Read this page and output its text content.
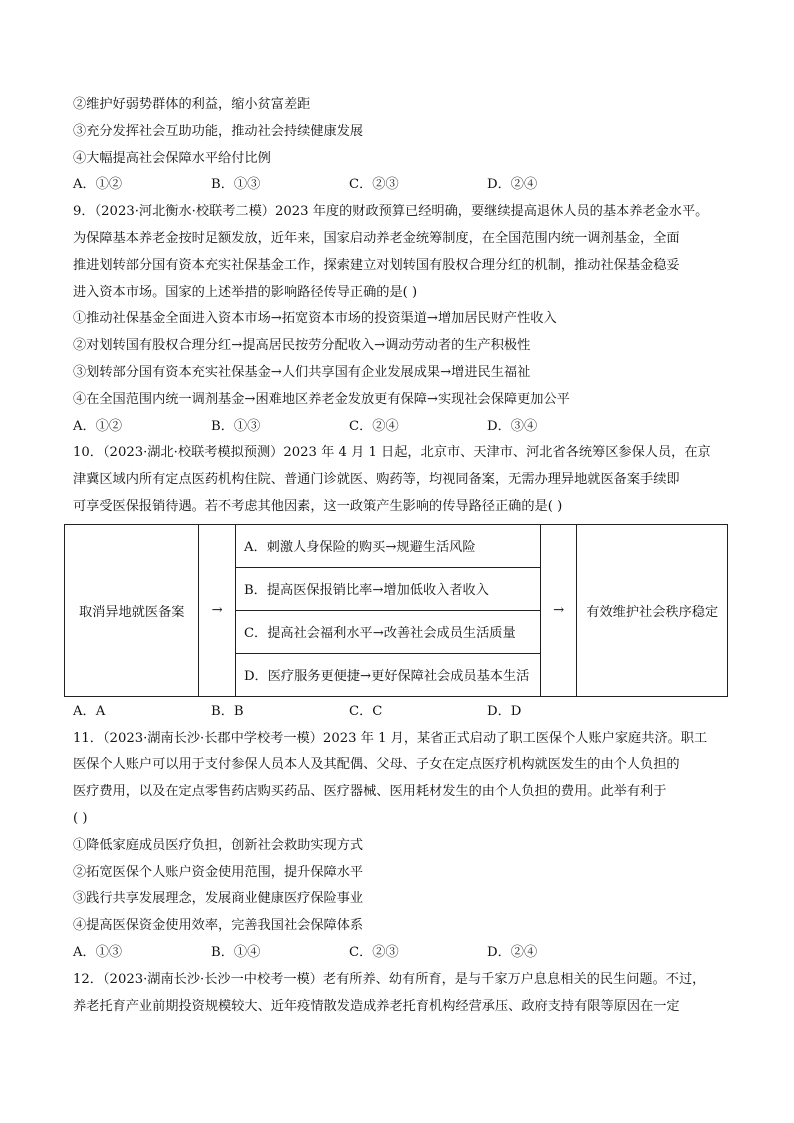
②维护好弱势群体的利益，缩小贫富差距
③充分发挥社会互助功能，推动社会持续健康发展
④大幅提高社会保障水平给付比例
A．①②	B．①③	C．②③	D．②④
9．（2023·河北衡水·校联考二模）2023 年度的财政预算已经明确，要继续提高退休人员的基本养老金水平。
为保障基本养老金按时足额发放，近年来，国家启动养老金统筹制度，在全国范围内统一调剂基金，全面
推进划转部分国有资本充实社保基金工作，探索建立对划转国有股权合理分红的机制，推动社保基金稳妥
进入资本市场。国家的上述举措的影响路径传导正确的是( )
①推动社保基金全面进入资本市场→拓宽资本市场的投资渠道→增加居民财产性收入
②对划转国有股权合理分红→提高居民按劳分配收入→调动劳动者的生产积极性
③划转部分国有资本充实社保基金→人们共享国有企业发展成果→增进民生福祉
④在全国范围内统一调剂基金→困难地区养老金发放更有保障→实现社会保障更加公平
A．①②	B．①③	C．②④	D．③④
10．（2023·湖北·校联考模拟预测）2023 年 4 月 1 日起，北京市、天津市、河北省各统筹区参保人员，在京
津冀区域内所有定点医药机构住院、普通门诊就医、购药等，均视同备案，无需办理异地就医备案手续即
可享受医保报销待遇。若不考虑其他因素，这一政策产生影响的传导路径正确的是( )
取消异地就医备案	→	A．刺激人身保险的购买→规避生活风险	→	有效维护社会秩序稳定
B．提高医保报销比率→增加低收入者收入
C．提高社会福利水平→改善社会成员生活质量
D．医疗服务更便捷→更好保障社会成员基本生活
A．A	B．B	C．C	D．D
11．（2023·湖南长沙·长郡中学校考一模）2023 年 1 月，某省正式启动了职工医保个人账户家庭共济。职工
医保个人账户可以用于支付参保人员本人及其配偶、父母、子女在定点医疗机构就医发生的由个人负担的
医疗费用，以及在定点零售药店购买药品、医疗器械、医用耗材发生的由个人负担的费用。此举有利于
( )
①降低家庭成员医疗负担，创新社会救助实现方式
②拓宽医保个人账户资金使用范围，提升保障水平
③践行共享发展理念，发展商业健康医疗保险事业
④提高医保资金使用效率，完善我国社会保障体系
A．①③	B．①④	C．②③	D．②④
12．（2023·湖南长沙·长沙一中校考一模）老有所养、幼有所育，是与千家万户息息相关的民生问题。不过，
养老托育产业前期投资规模较大、近年疫情散发造成养老托育机构经营承压、政府支持有限等原因在一定
